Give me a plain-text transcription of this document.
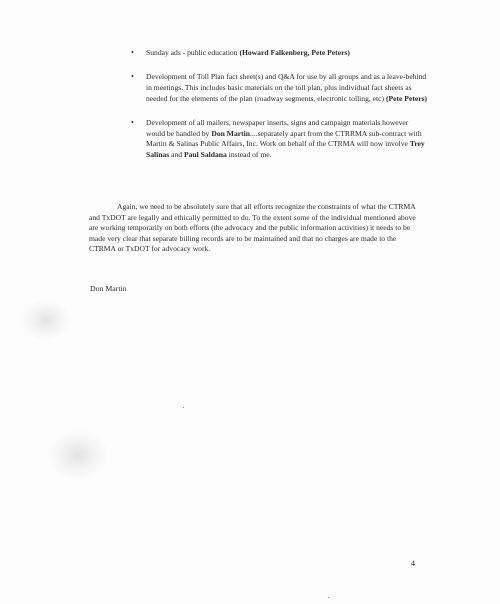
• Sunday ads - public education (Howard Falkenberg, Pete Peters)
• Development of Toll Plan fact sheet(s) and Q&A for use by all groups and as a leave-behind in meetings. This includes basic materials on the toll plan, plus individual fact sheets as needed for the elements of the plan (roadway segments, electronic tolling, etc) (Pete Peters)
• Development of all mailers, newspaper inserts, signs and campaign materials however would be handled by Don Martin....separately apart from the CTRRMA sub-contract with Martin & Salinas Public Affairs, Inc. Work on behalf of the CTRMA will now involve Trey Salinas and Paul Saldana instead of me.

Again, we need to be absolutely sure that all efforts recognize the constraints of what the CTRMA and TxDOT are legally and ethically permitted to do. To the extent some of the individual mentioned above are working temporarily on both efforts (the advocacy and the public information activities) it needs to be made very clear that separate billing records are to be maintained and that no charges are made to the CTRMA or TxDOT for advocacy work.

Don Martin

4
